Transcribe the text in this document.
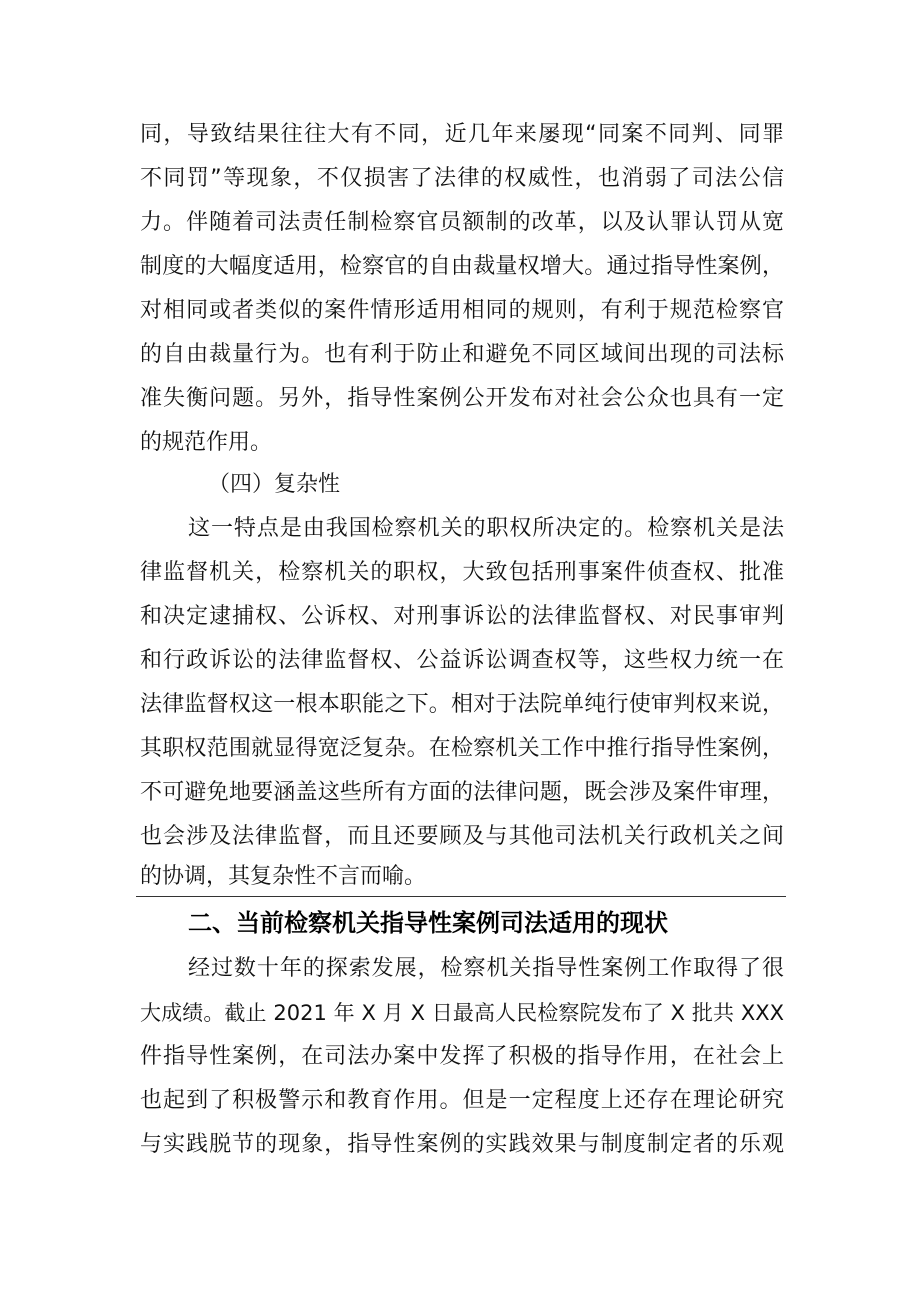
同，导致结果往往大有不同，近几年来屡现“同案不同判、同罪
不同罚”等现象，不仅损害了法律的权威性，也消弱了司法公信
力。伴随着司法责任制检察官员额制的改革，以及认罪认罚从宽
制度的大幅度适用，检察官的自由裁量权增大。通过指导性案例，
对相同或者类似的案件情形适用相同的规则，有利于规范检察官
的自由裁量行为。也有利于防止和避免不同区域间出现的司法标
准失衡问题。另外，指导性案例公开发布对社会公众也具有一定
的规范作用。
（四）复杂性
这一特点是由我国检察机关的职权所决定的。检察机关是法
律监督机关，检察机关的职权，大致包括刑事案件侦查权、批准
和决定逮捕权、公诉权、对刑事诉讼的法律监督权、对民事审判
和行政诉讼的法律监督权、公益诉讼调查权等，这些权力统一在
法律监督权这一根本职能之下。相对于法院单纯行使审判权来说，
其职权范围就显得宽泛复杂。在检察机关工作中推行指导性案例，
不可避免地要涵盖这些所有方面的法律问题，既会涉及案件审理，
也会涉及法律监督，而且还要顾及与其他司法机关行政机关之间
的协调，其复杂性不言而喻。
二、当前检察机关指导性案例司法适用的现状
经过数十年的探索发展，检察机关指导性案例工作取得了很
大成绩。截止 2021 年 X 月 X 日最高人民检察院发布了 X 批共 XXX
件指导性案例，在司法办案中发挥了积极的指导作用，在社会上
也起到了积极警示和教育作用。但是一定程度上还存在理论研究
与实践脱节的现象，指导性案例的实践效果与制度制定者的乐观
